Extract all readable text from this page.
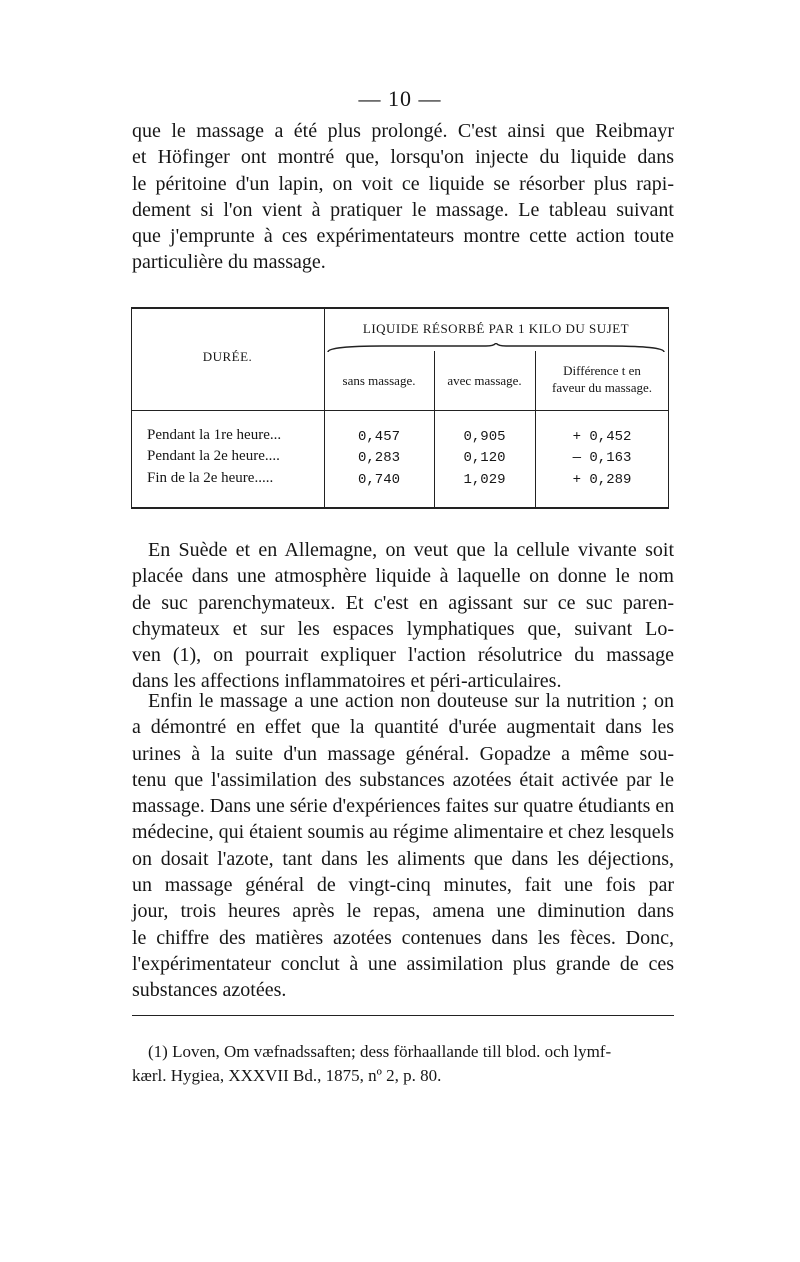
— 10 —

que le massage a été plus prolongé. C'est ainsi que Reibmayr
et Höfinger ont montré que, lorsqu'on injecte du liquide dans
le péritoine d'un lapin, on voit ce liquide se résorber plus rapi-
dement si l'on vient à pratiquer le massage. Le tableau suivant
que j'emprunte à ces expérimentateurs montre cette action toute
particulière du massage.

LIQUIDE RÉSORBÉ PAR 1 KILO DU SUJET
DURÉE.
sans massage.	avec massage.
Différence t en
faveur du massage.
Pendant la 1re heure...	0,457	0,905	+ 0,452
Pendant la 2e heure....	0,283	0,120	— 0,163
Fin de la 2e heure.....	0,740	1,029	+ 0,289

En Suède et en Allemagne, on veut que la cellule vivante soit
placée dans une atmosphère liquide à laquelle on donne le nom
de suc parenchymateux. Et c'est en agissant sur ce suc paren-
chymateux et sur les espaces lymphatiques que, suivant Lo-
ven (1), on pourrait expliquer l'action résolutrice du massage
dans les affections inflammatoires et péri-articulaires.

Enfin le massage a une action non douteuse sur la nutrition ; on
a démontré en effet que la quantité d'urée augmentait dans les
urines à la suite d'un massage général. Gopadze a même sou-
tenu que l'assimilation des substances azotées était activée par le
massage. Dans une série d'expériences faites sur quatre étudiants en
médecine, qui étaient soumis au régime alimentaire et chez lesquels
on dosait l'azote, tant dans les aliments que dans les déjections,
un massage général de vingt-cinq minutes, fait une fois par
jour, trois heures après le repas, amena une diminution dans
le chiffre des matières azotées contenues dans les fèces. Donc,
l'expérimentateur conclut à une assimilation plus grande de ces
substances azotées.

(1) Loven, Om væfnadssaften; dess förhaallande till blod. och lymf-
kærl. Hygiea, XXXVII Bd., 1875, nº 2, p. 80.
